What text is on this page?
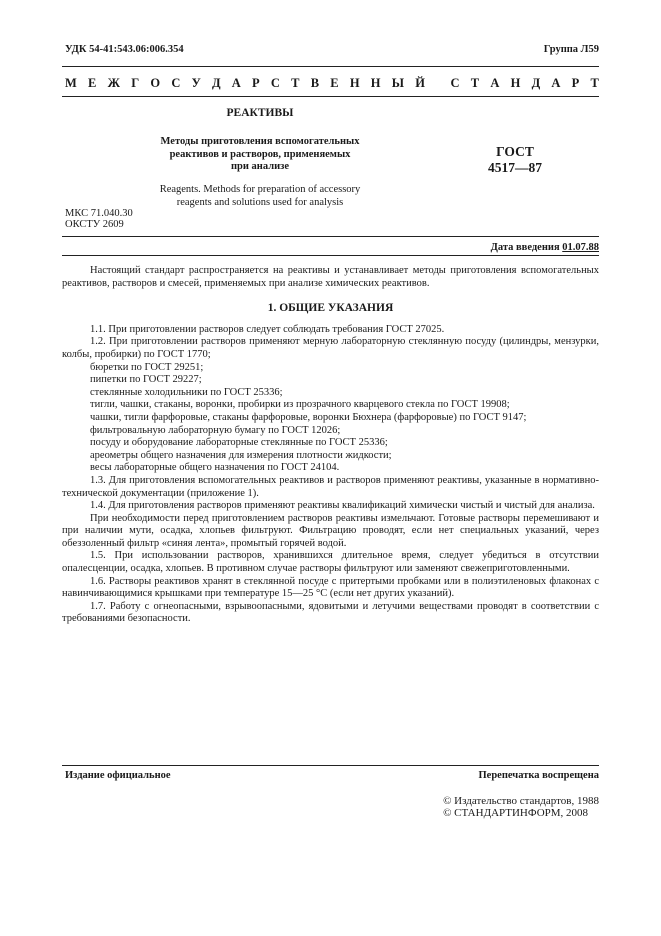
УДК 54-41:543.06:006.354	Группа Л59
М Е Ж Г О С У Д А Р С Т В Е Н Н Ы Й
С Т А Н Д А Р Т
РЕАКТИВЫ
Методы приготовления вспомогательных
реактивов и растворов, применяемых
при анализе
Reagents. Methods for preparation of accessory
reagents and solutions used for analysis
ГОСТ
4517—87
МКС 71.040.30
ОКСТУ 2609
Дата введения 01.07.88

Настоящий стандарт распространяется на реактивы и устанавливает методы приготовления вспомогательных реактивов, растворов и смесей, применяемых при анализе химических реактивов.

1. ОБЩИЕ УКАЗАНИЯ

1.1. При приготовлении растворов следует соблюдать требования ГОСТ 27025.

1.2. При приготовлении растворов применяют мерную лабораторную стеклянную посуду (цилиндры, мензурки, колбы, пробирки) по ГОСТ 1770;

бюретки по ГОСТ 29251;

пипетки по ГОСТ 29227;

стеклянные холодильники по ГОСТ 25336;

тигли, чашки, стаканы, воронки, пробирки из прозрачного кварцевого стекла по ГОСТ 19908;

чашки, тигли фарфоровые, стаканы фарфоровые, воронки Бюхнера (фарфоровые) по ГОСТ 9147;

фильтровальную лабораторную бумагу по ГОСТ 12026;

посуду и оборудование лабораторные стеклянные по ГОСТ 25336;

ареометры общего назначения для измерения плотности жидкости;

весы лабораторные общего назначения по ГОСТ 24104.

1.3. Для приготовления вспомогательных реактивов и растворов применяют реактивы, указанные в нормативно-технической документации (приложение 1).

1.4. Для приготовления растворов применяют реактивы квалификаций химически чистый и чистый для анализа.

При необходимости перед приготовлением растворов реактивы измельчают. Готовые растворы перемешивают и при наличии мути, осадка, хлопьев фильтруют. Фильтрацию проводят, если нет специальных указаний, через обеззоленный фильтр «синяя лента», промытый горячей водой.

1.5. При использовании растворов, хранившихся длительное время, следует убедиться в отсутствии опалесценции, осадка, хлопьев. В противном случае растворы фильтруют или заменяют свежеприготовленными.

1.6. Растворы реактивов хранят в стеклянной посуде с притертыми пробками или в полиэтиленовых флаконах с навинчивающимися крышками при температуре 15—25 °С (если нет других указаний).

1.7. Работу с огнеопасными, взрывоопасными, ядовитыми и летучими веществами проводят в соответствии с требованиями безопасности.

Издание официальное	Перепечатка воспрещена
© Издательство стандартов, 1988
© СТАНДАРТИНФОРМ, 2008
